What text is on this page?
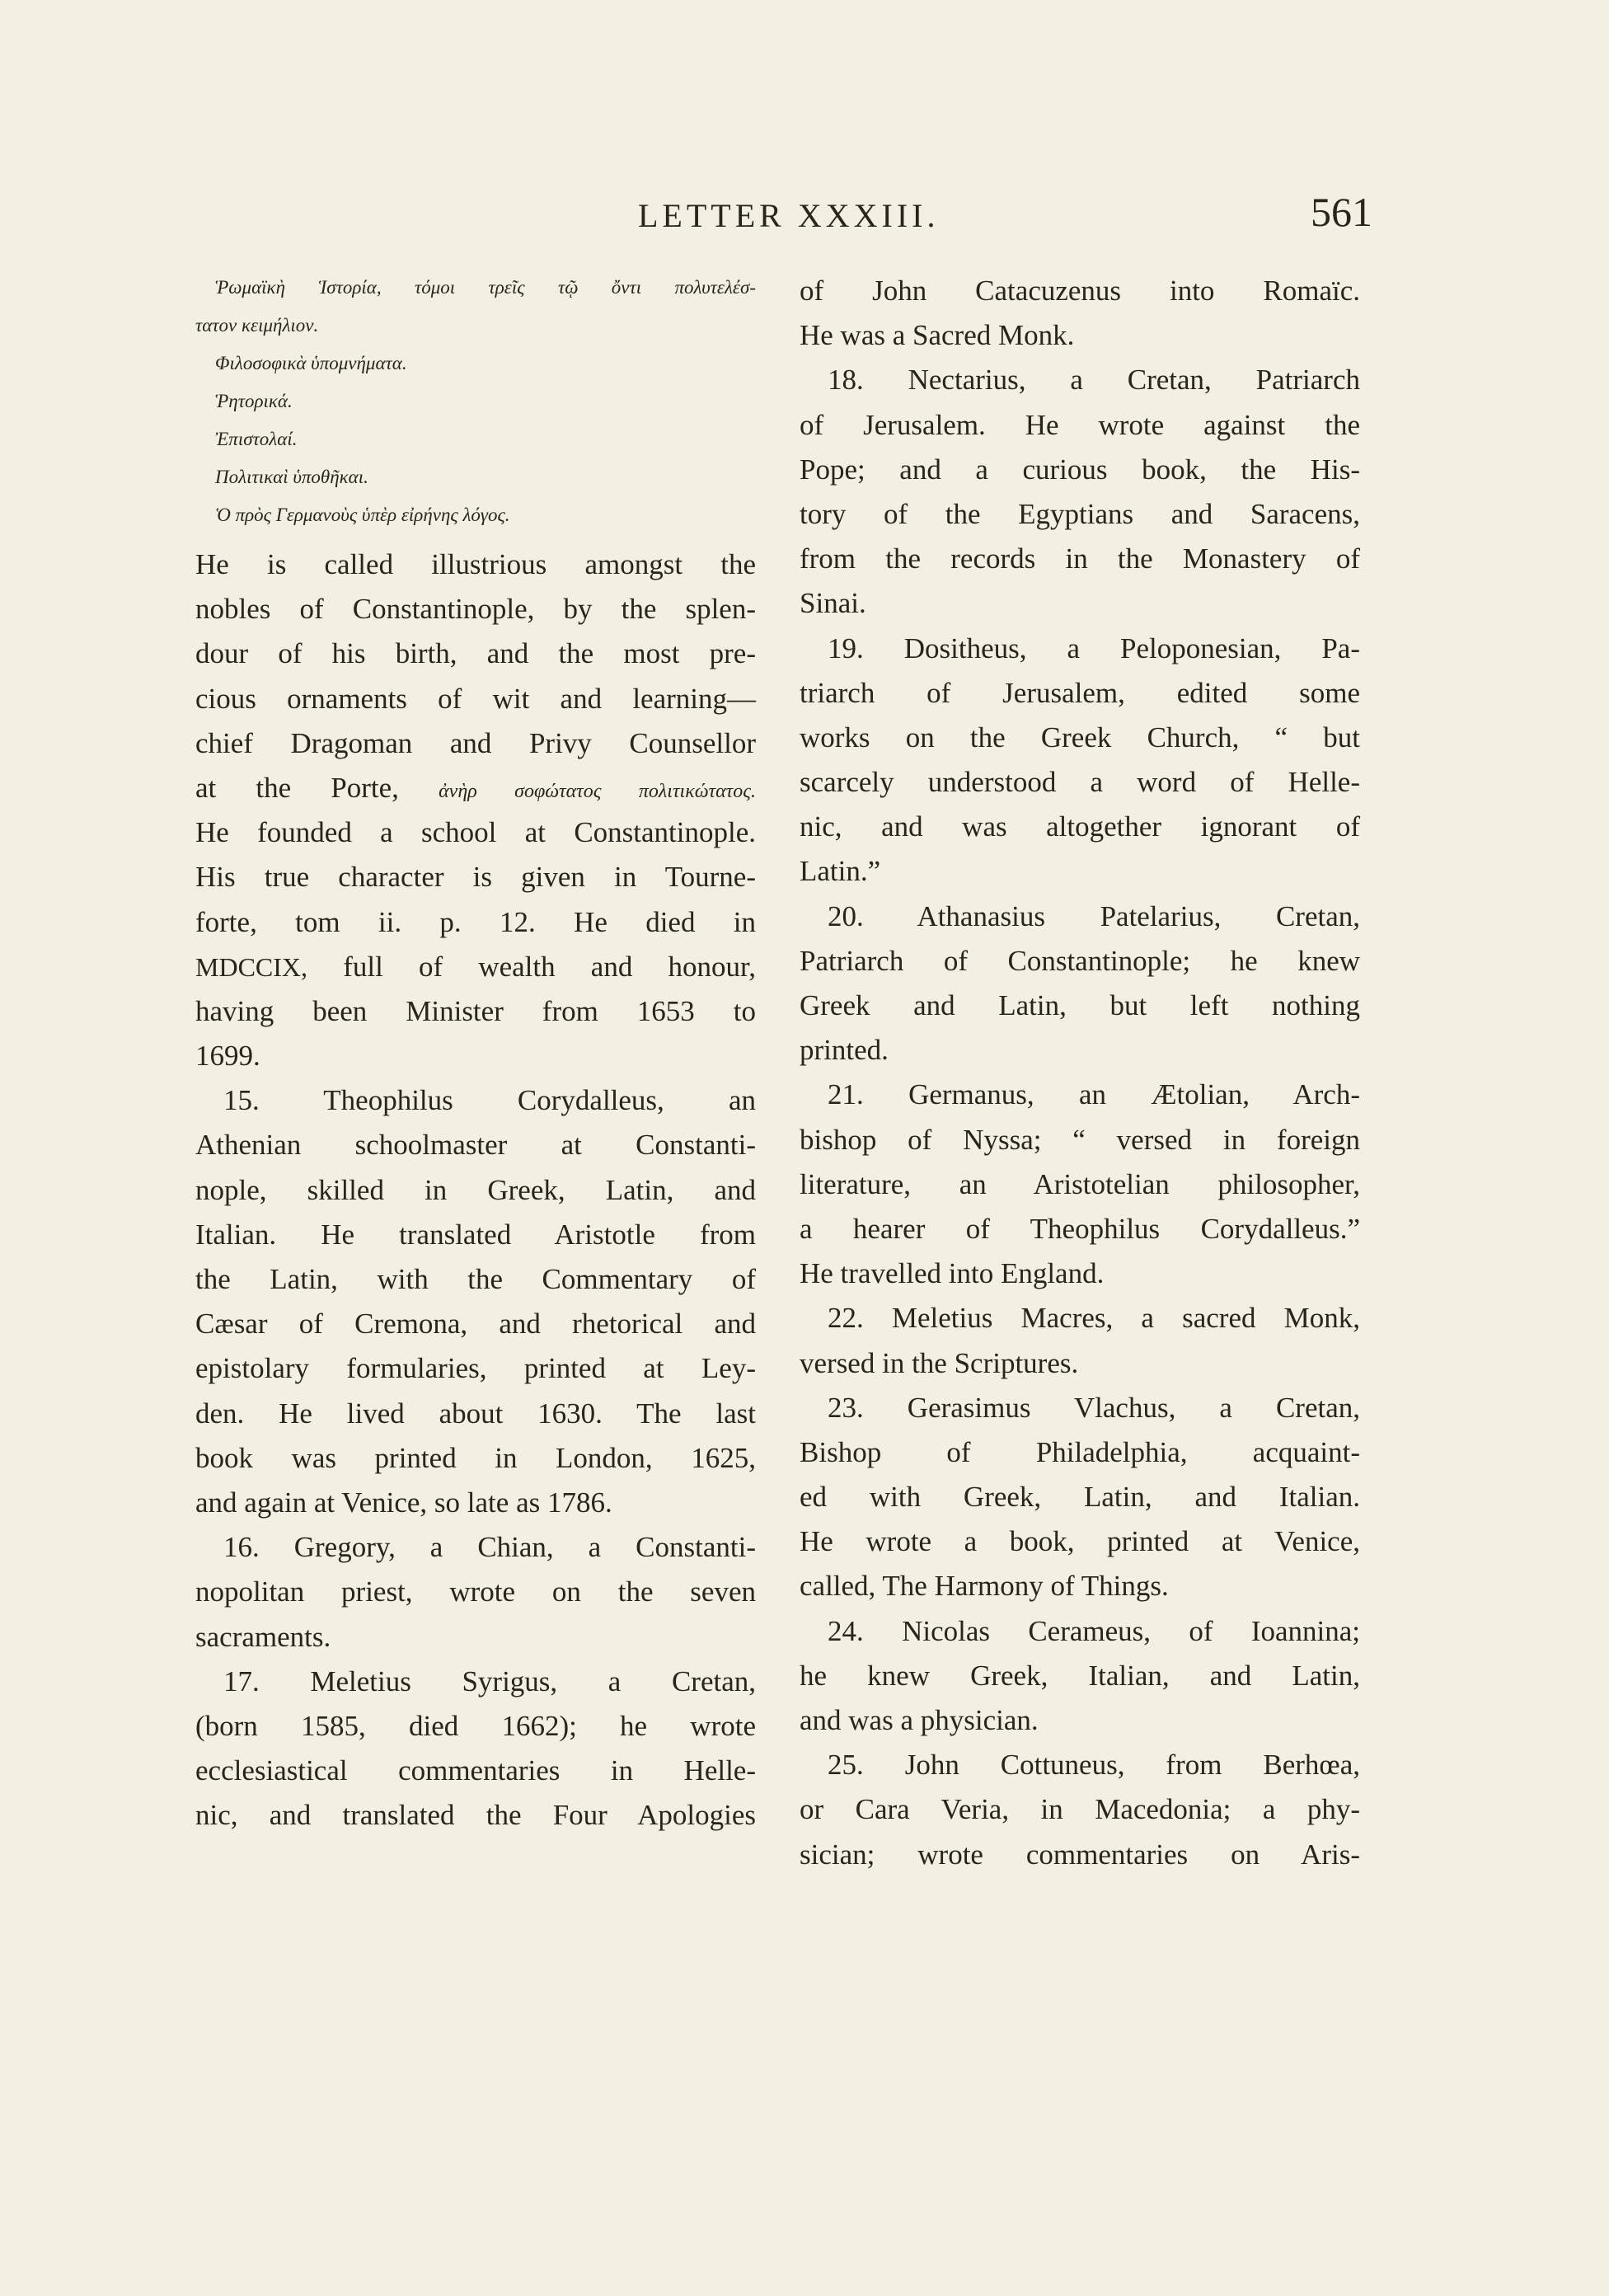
LETTER XXXIII.	561
Ῥωμαϊκὴ Ἱστορία, τόμοι τρεῖς τῷ ὄντι πολυτελέσ-
τατον κειμήλιον.
Φιλοσοφικὰ ὑπομνήματα.
Ῥητορικά.
Ἐπιστολαί.
Πολιτικαὶ ὑποθῆκαι.
Ὁ πρὸς Γερμανοὺς ὑπὲρ εἰρήνης λόγος.
He is called illustrious amongst the
nobles of Constantinople, by the splen-
dour of his birth, and the most pre-
cious ornaments of wit and learning—
chief Dragoman and Privy Counsellor
at the Porte, ἀνὴρ σοφώτατος πολιτικώτατος.
He founded a school at Constantinople.
His true character is given in Tourne-
forte, tom ii. p. 12. He died in
MDCCIX, full of wealth and honour,
having been Minister from 1653 to
1699.
15. Theophilus Corydalleus, an
Athenian schoolmaster at Constanti-
nople, skilled in Greek, Latin, and
Italian. He translated Aristotle from
the Latin, with the Commentary of
Cæsar of Cremona, and rhetorical and
epistolary formularies, printed at Ley-
den. He lived about 1630. The last
book was printed in London, 1625,
and again at Venice, so late as 1786.
16. Gregory, a Chian, a Constanti-
nopolitan priest, wrote on the seven
sacraments.
17. Meletius Syrigus, a Cretan,
(born 1585, died 1662); he wrote
ecclesiastical commentaries in Helle-
nic, and translated the Four Apologies
of John Catacuzenus into Romaïc.
He was a Sacred Monk.
18. Nectarius, a Cretan, Patriarch
of Jerusalem. He wrote against the
Pope; and a curious book, the His-
tory of the Egyptians and Saracens,
from the records in the Monastery of
Sinai.
19. Dositheus, a Peloponesian, Pa-
triarch of Jerusalem, edited some
works on the Greek Church, “ but
scarcely understood a word of Helle-
nic, and was altogether ignorant of
Latin.”
20. Athanasius Patelarius, Cretan,
Patriarch of Constantinople; he knew
Greek and Latin, but left nothing
printed.
21. Germanus, an Ætolian, Arch-
bishop of Nyssa; “ versed in foreign
literature, an Aristotelian philosopher,
a hearer of Theophilus Corydalleus.”
He travelled into England.
22. Meletius Macres, a sacred Monk,
versed in the Scriptures.
23. Gerasimus Vlachus, a Cretan,
Bishop of Philadelphia, acquaint-
ed with Greek, Latin, and Italian.
He wrote a book, printed at Venice,
called, The Harmony of Things.
24. Nicolas Cerameus, of Ioannina;
he knew Greek, Italian, and Latin,
and was a physician.
25. John Cottuneus, from Berhœa,
or Cara Veria, in Macedonia; a phy-
sician; wrote commentaries on Aris-
